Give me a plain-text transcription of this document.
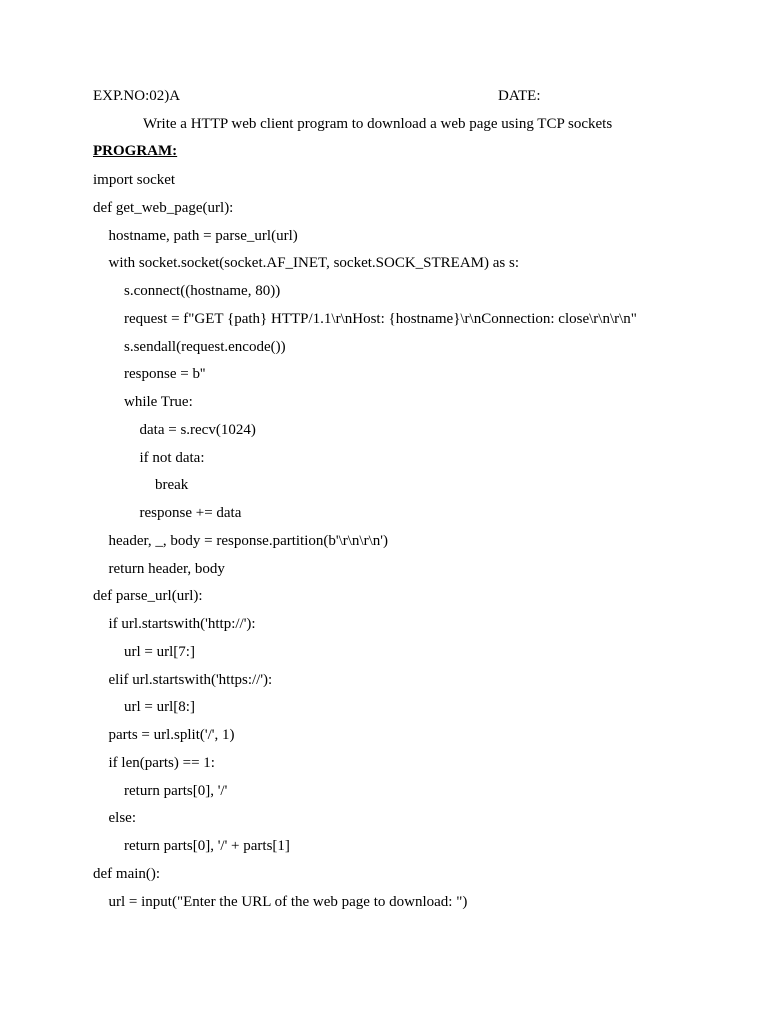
EXP.NO:02)A	DATE:
Write a HTTP web client program to download a web page using TCP sockets
PROGRAM:
import socket
def get_web_page(url):
hostname, path = parse_url(url)
with socket.socket(socket.AF_INET, socket.SOCK_STREAM) as s:
s.connect((hostname, 80))
request = f"GET {path} HTTP/1.1\r\nHost: {hostname}\r\nConnection: close\r\n\r\n"
s.sendall(request.encode())
response = b''
while True:
data = s.recv(1024)
if not data:
break
response += data
header, _, body = response.partition(b'\r\n\r\n')
return header, body
def parse_url(url):
if url.startswith('http://'):
url = url[7:]
elif url.startswith('https://'):
url = url[8:]
parts = url.split('/', 1)
if len(parts) == 1:
return parts[0], '/'
else:
return parts[0], '/' + parts[1]
def main():
url = input("Enter the URL of the web page to download: ")
